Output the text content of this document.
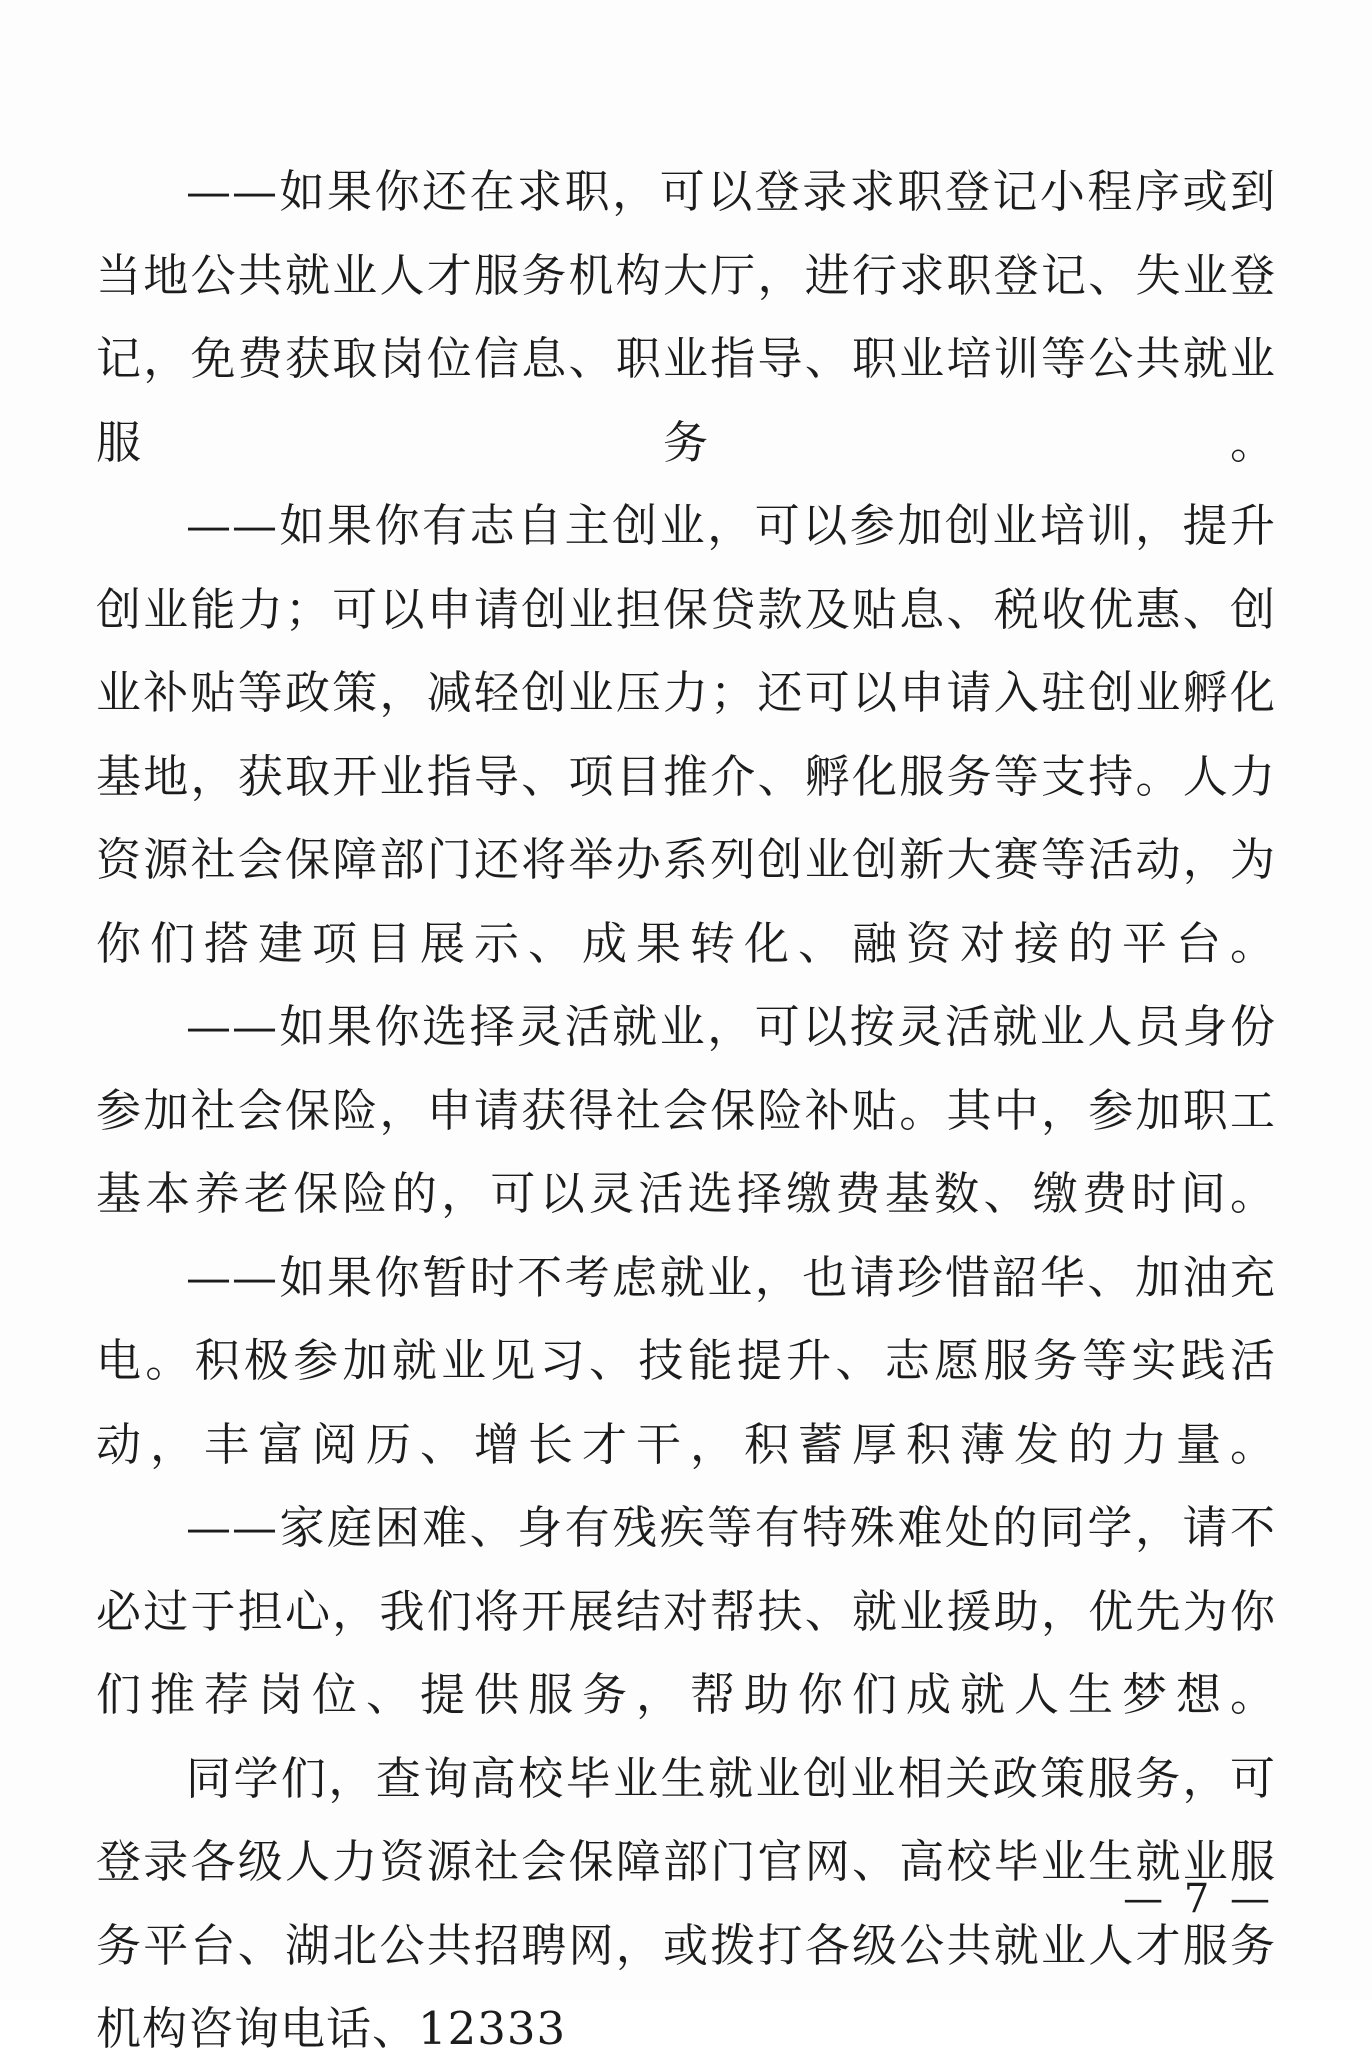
——如果你还在求职，可以登录求职登记小程序或到当地公共就业人才服务机构大厅，进行求职登记、失业登记，免费获取岗位信息、职业指导、职业培训等公共就业服务。

——如果你有志自主创业，可以参加创业培训，提升创业能力；可以申请创业担保贷款及贴息、税收优惠、创业补贴等政策，减轻创业压力；还可以申请入驻创业孵化基地，获取开业指导、项目推介、孵化服务等支持。人力资源社会保障部门还将举办系列创业创新大赛等活动，为你们搭建项目展示、成果转化、融资对接的平台。

——如果你选择灵活就业，可以按灵活就业人员身份参加社会保险，申请获得社会保险补贴。其中，参加职工基本养老保险的，可以灵活选择缴费基数、缴费时间。

——如果你暂时不考虑就业，也请珍惜韶华、加油充电。积极参加就业见习、技能提升、志愿服务等实践活动，丰富阅历、增长才干，积蓄厚积薄发的力量。

——家庭困难、身有残疾等有特殊难处的同学，请不必过于担心，我们将开展结对帮扶、就业援助，优先为你们推荐岗位、提供服务，帮助你们成就人生梦想。

同学们，查询高校毕业生就业创业相关政策服务，可登录各级人力资源社会保障部门官网、高校毕业生就业服务平台、湖北公共招聘网，或拨打各级公共就业人才服务机构咨询电话、12333

— 7 —
